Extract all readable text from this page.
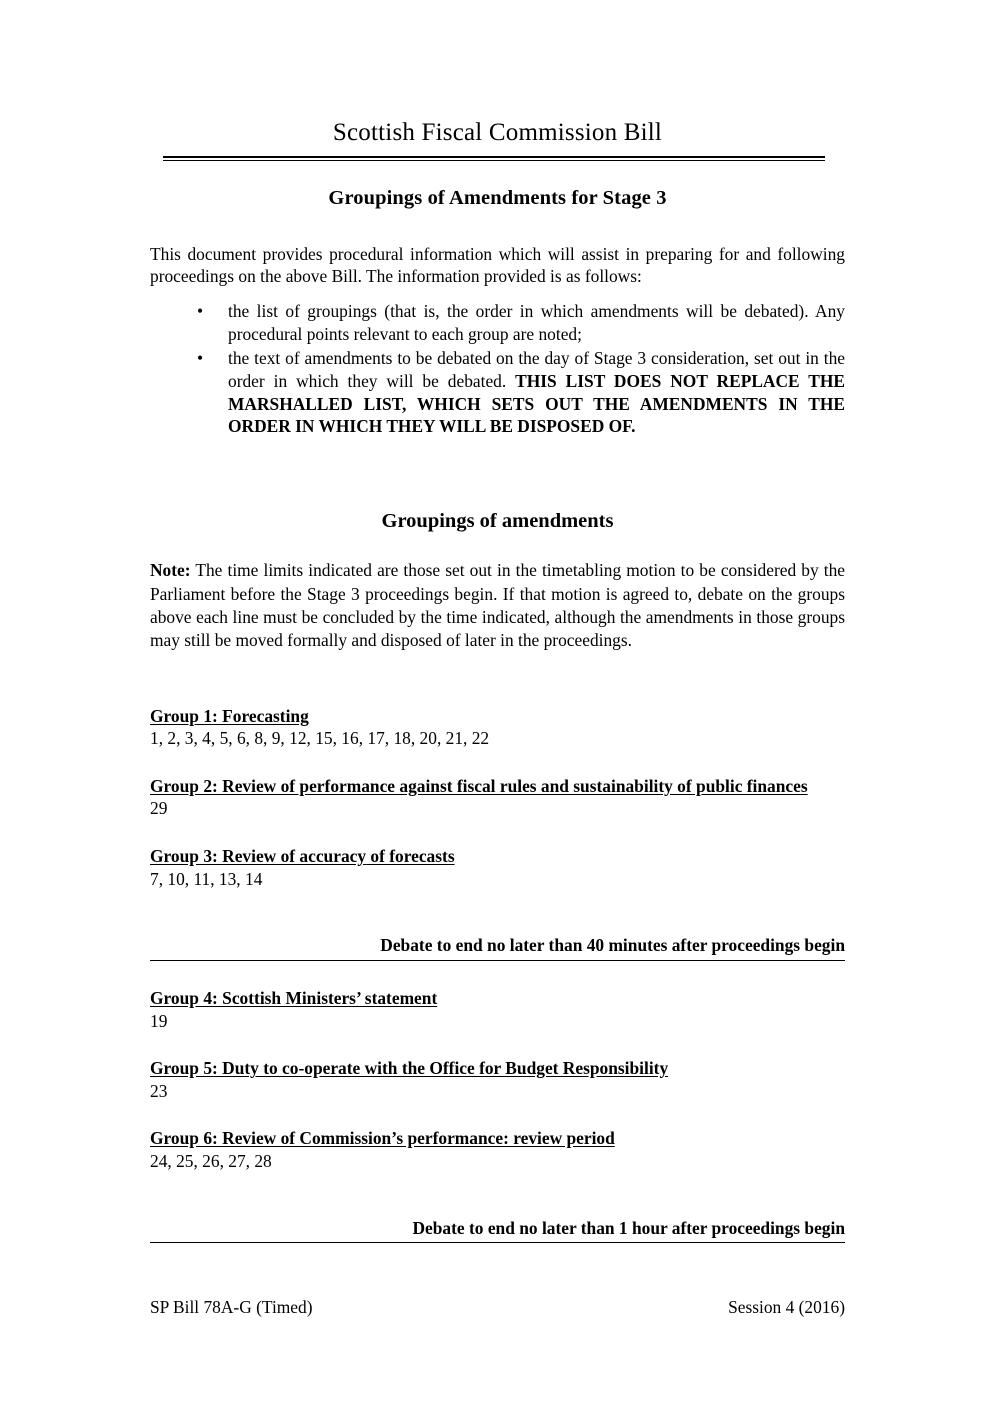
Scottish Fiscal Commission Bill
Groupings of Amendments for Stage 3

This document provides procedural information which will assist in preparing for and following proceedings on the above Bill. The information provided is as follows:

• the list of groupings (that is, the order in which amendments will be debated). Any procedural points relevant to each group are noted;
• the text of amendments to be debated on the day of Stage 3 consideration, set out in the order in which they will be debated. THIS LIST DOES NOT REPLACE THE MARSHALLED LIST, WHICH SETS OUT THE AMENDMENTS IN THE ORDER IN WHICH THEY WILL BE DISPOSED OF.
Groupings of amendments

Note: The time limits indicated are those set out in the timetabling motion to be considered by the Parliament before the Stage 3 proceedings begin. If that motion is agreed to, debate on the groups above each line must be concluded by the time indicated, although the amendments in those groups may still be moved formally and disposed of later in the proceedings.

Group 1: Forecasting
1, 2, 3, 4, 5, 6, 8, 9, 12, 15, 16, 17, 18, 20, 21, 22
Group 2: Review of performance against fiscal rules and sustainability of public finances
29
Group 3: Review of accuracy of forecasts
7, 10, 11, 13, 14
Debate to end no later than 40 minutes after proceedings begin
Group 4: Scottish Ministers’ statement
19
Group 5: Duty to co-operate with the Office for Budget Responsibility
23
Group 6: Review of Commission’s performance: review period
24, 25, 26, 27, 28
Debate to end no later than 1 hour after proceedings begin
SP Bill 78A-G (Timed)	Session 4 (2016)
